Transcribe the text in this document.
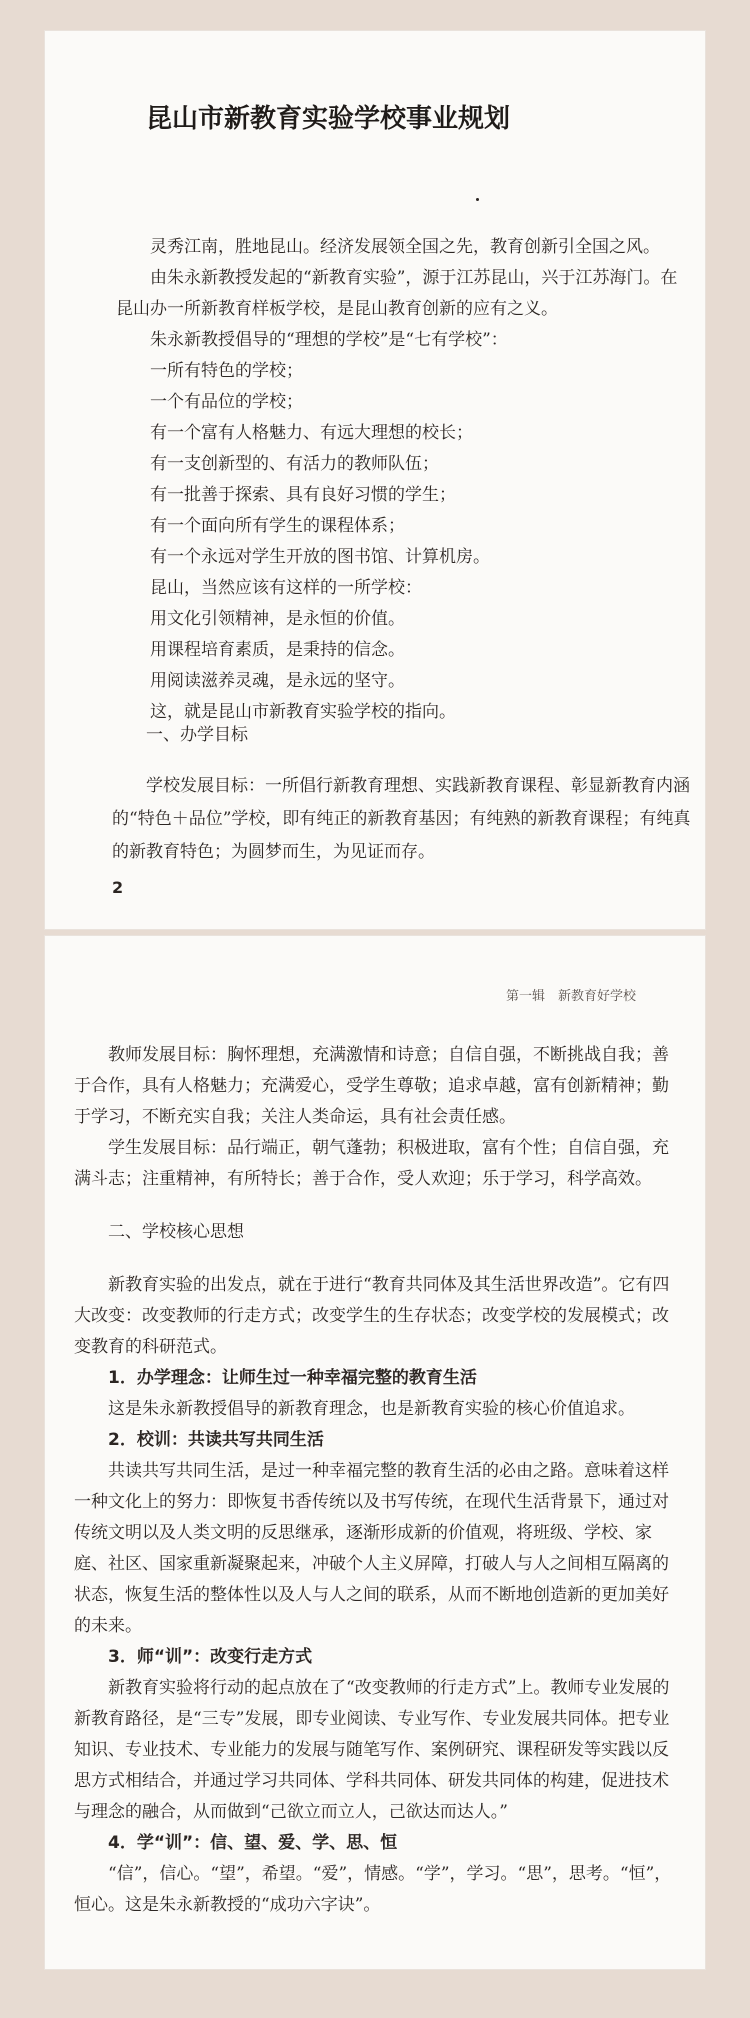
昆山市新教育实验学校事业规划

灵秀江南，胜地昆山。经济发展领全国之先，教育创新引全国之风。

由朱永新教授发起的“新教育实验”，源于江苏昆山，兴于江苏海门。在昆山办一所新教育样板学校，是昆山教育创新的应有之义。

朱永新教授倡导的“理想的学校”是“七有学校”：

一所有特色的学校；

一个有品位的学校；

有一个富有人格魅力、有远大理想的校长；

有一支创新型的、有活力的教师队伍；

有一批善于探索、具有良好习惯的学生；

有一个面向所有学生的课程体系；

有一个永远对学生开放的图书馆、计算机房。

昆山，当然应该有这样的一所学校：

用文化引领精神，是永恒的价值。

用课程培育素质，是秉持的信念。

用阅读滋养灵魂，是永远的坚守。

这，就是昆山市新教育实验学校的指向。

一、办学目标
学校发展目标：一所倡行新教育理想、实践新教育课程、彰显新教育内涵的“特色＋品位”学校，即有纯正的新教育基因；有纯熟的新教育课程；有纯真的新教育特色；为圆梦而生，为见证而存。
2
第一辑　新教育好学校

教师发展目标：胸怀理想，充满激情和诗意；自信自强，不断挑战自我；善于合作，具有人格魅力；充满爱心，受学生尊敬；追求卓越，富有创新精神；勤于学习，不断充实自我；关注人类命运，具有社会责任感。

学生发展目标：品行端正，朝气蓬勃；积极进取，富有个性；自信自强，充满斗志；注重精神，有所特长；善于合作，受人欢迎；乐于学习，科学高效。

二、学校核心思想

新教育实验的出发点，就在于进行“教育共同体及其生活世界改造”。它有四大改变：改变教师的行走方式；改变学生的生存状态；改变学校的发展模式；改变教育的科研范式。

1．办学理念：让师生过一种幸福完整的教育生活

这是朱永新教授倡导的新教育理念，也是新教育实验的核心价值追求。

2．校训：共读共写共同生活

共读共写共同生活，是过一种幸福完整的教育生活的必由之路。意味着这样一种文化上的努力：即恢复书香传统以及书写传统，在现代生活背景下，通过对传统文明以及人类文明的反思继承，逐渐形成新的价值观，将班级、学校、家庭、社区、国家重新凝聚起来，冲破个人主义屏障，打破人与人之间相互隔离的状态，恢复生活的整体性以及人与人之间的联系，从而不断地创造新的更加美好的未来。

3．师“训”：改变行走方式

新教育实验将行动的起点放在了“改变教师的行走方式”上。教师专业发展的新教育路径，是“三专”发展，即专业阅读、专业写作、专业发展共同体。把专业知识、专业技术、专业能力的发展与随笔写作、案例研究、课程研发等实践以反思方式相结合，并通过学习共同体、学科共同体、研发共同体的构建，促进技术与理念的融合，从而做到“己欲立而立人，己欲达而达人。”

4．学“训”：信、望、爱、学、思、恒

“信”，信心。“望”，希望。“爱”，情感。“学”，学习。“思”，思考。“恒”，恒心。这是朱永新教授的“成功六字诀”。
